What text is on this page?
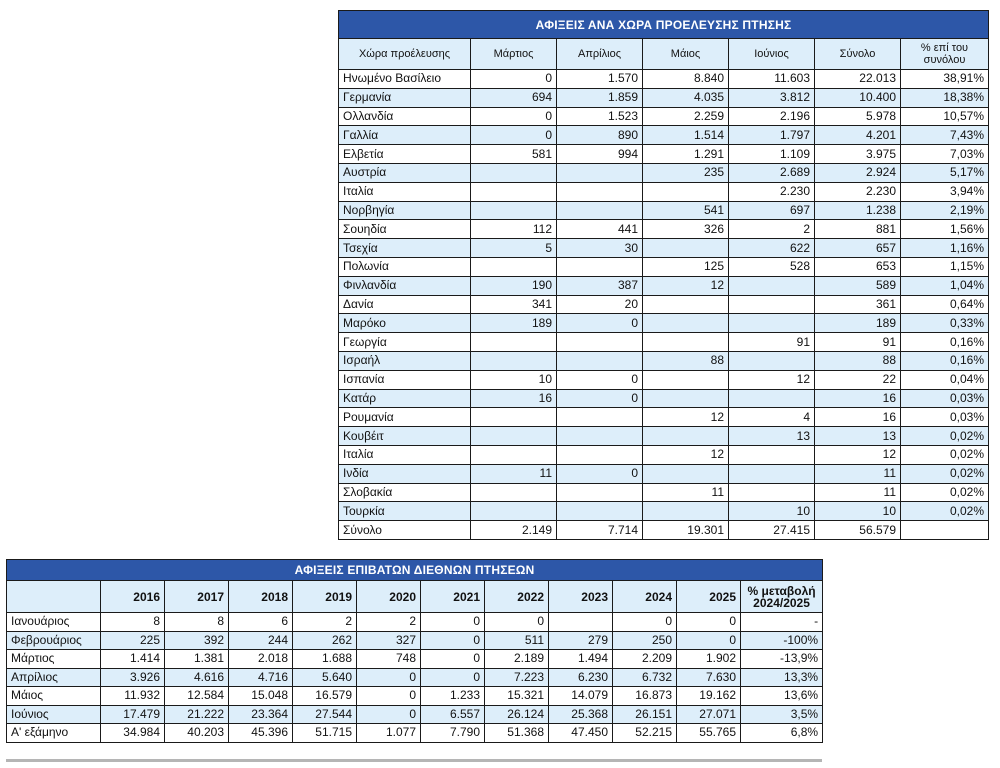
ΑΦΙΞΕΙΣ ΑΝΑ ΧΩΡΑ ΠΡΟΕΛΕΥΣΗΣ ΠΤΗΣΗΣ						
Χώρα προέλευσης	Μάρτιος	Απρίλιος	Μάιος	Ιούνιος	Σύνολο	% επί του συνόλου
Ηνωμένο Βασίλειο	0	1.570	8.840	11.603	22.013	38,91%
Γερμανία	694	1.859	4.035	3.812	10.400	18,38%
Ολλανδία	0	1.523	2.259	2.196	5.978	10,57%
Γαλλία	0	890	1.514	1.797	4.201	7,43%
Ελβετία	581	994	1.291	1.109	3.975	7,03%
Αυστρία			235	2.689	2.924	5,17%
Ιταλία				2.230	2.230	3,94%
Νορβηγία			541	697	1.238	2,19%
Σουηδία	112	441	326	2	881	1,56%
Τσεχία	5	30		622	657	1,16%
Πολωνία			125	528	653	1,15%
Φινλανδία	190	387	12		589	1,04%
Δανία	341	20			361	0,64%
Μαρόκο	189	0			189	0,33%
Γεωργία				91	91	0,16%
Ισραήλ			88		88	0,16%
Ισπανία	10	0		12	22	0,04%
Κατάρ	16	0			16	0,03%
Ρουμανία			12	4	16	0,03%
Κουβέιτ				13	13	0,02%
Ιταλία			12		12	0,02%
Ινδία	11	0			11	0,02%
Σλοβακία			11		11	0,02%
Τουρκία				10	10	0,02%
Σύνολο	2.149	7.714	19.301	27.415	56.579	
ΑΦΙΞΕΙΣ ΕΠΙΒΑΤΩΝ ΔΙΕΘΝΩΝ ΠΤΗΣΕΩΝ											
	2016	2017	2018	2019	2020	2021	2022	2023	2024	2025	% μεταβολή 2024/2025
Ιανουάριος	8	8	6	2	2	0	0		0	0	-
Φεβρουάριος	225	392	244	262	327	0	511	279	250	0	-100%
Μάρτιος	1.414	1.381	2.018	1.688	748	0	2.189	1.494	2.209	1.902	-13,9%
Απρίλιος	3.926	4.616	4.716	5.640	0	0	7.223	6.230	6.732	7.630	13,3%
Μάιος	11.932	12.584	15.048	16.579	0	1.233	15.321	14.079	16.873	19.162	13,6%
Ιούνιος	17.479	21.222	23.364	27.544	0	6.557	26.124	25.368	26.151	27.071	3,5%
Α' εξάμηνο	34.984	40.203	45.396	51.715	1.077	7.790	51.368	47.450	52.215	55.765	6,8%
